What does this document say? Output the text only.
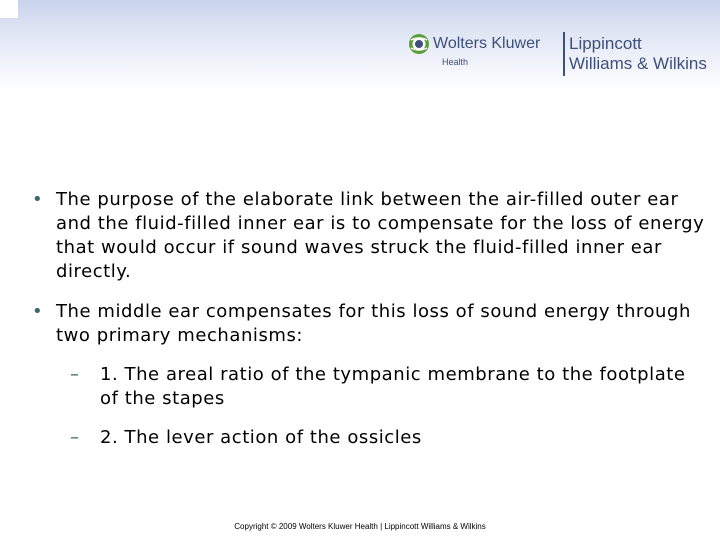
Wolters Kluwer
Health
Lippincott
Williams & Wilkins
• The purpose of the elaborate link between the air-filled outer ear and the fluid-filled inner ear is to compensate for the loss of energy that would occur if sound waves struck the fluid-filled inner ear directly.
• The middle ear compensates for this loss of sound energy through two primary mechanisms:
– 1. The areal ratio of the tympanic membrane to the footplate of the stapes
– 2. The lever action of the ossicles
Copyright © 2009 Wolters Kluwer Health | Lippincott Williams & Wilkins
